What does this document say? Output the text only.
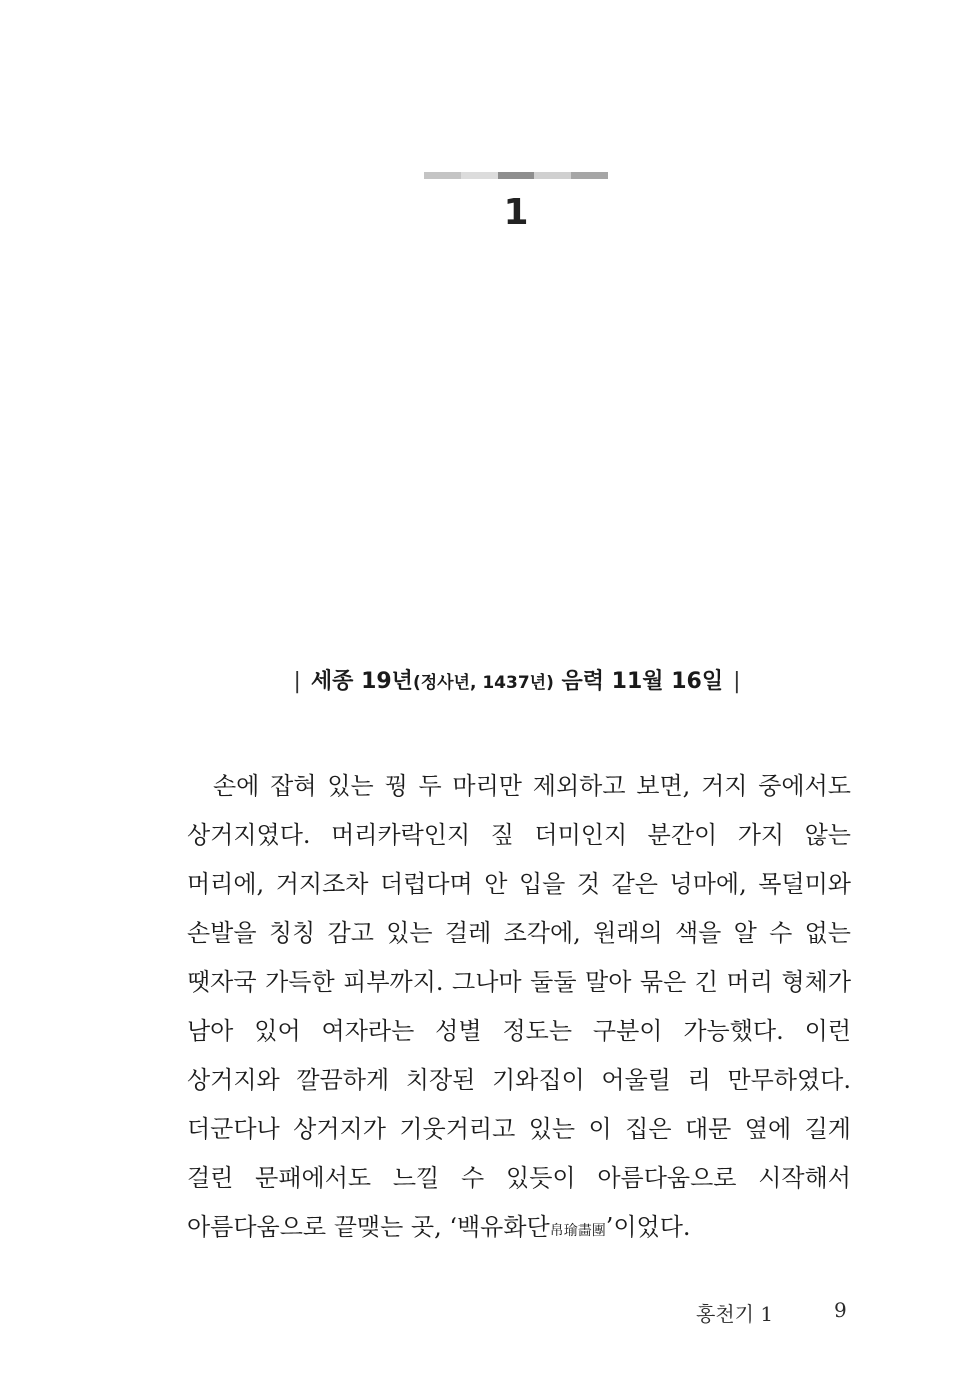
1
| 세종 19년(정사년, 1437년) 음력 11월 16일 |

손에 잡혀 있는 꿩 두 마리만 제외하고 보면, 거지 중에서도 상거지였다. 머리카락인지 짚 더미인지 분간이 가지 않는 머리에, 거지조차 더럽다며 안 입을 것 같은 넝마에, 목덜미와 손발을 칭칭 감고 있는 걸레 조각에, 원래의 색을 알 수 없는 땟자국 가득한 피부까지. 그나마 둘둘 말아 묶은 긴 머리 형체가 남아 있어 여자라는 성별 정도는 구분이 가능했다. 이런 상거지와 깔끔하게 치장된 기와집이 어울릴 리 만무하였다. 더군다나 상거지가 기웃거리고 있는 이 집은 대문 옆에 길게 걸린 문패에서도 느낄 수 있듯이 아름다움으로 시작해서 아름다움으로 끝맺는 곳, ‘백유화단帛瑜畵團’이었다.

홍천기 1	9
